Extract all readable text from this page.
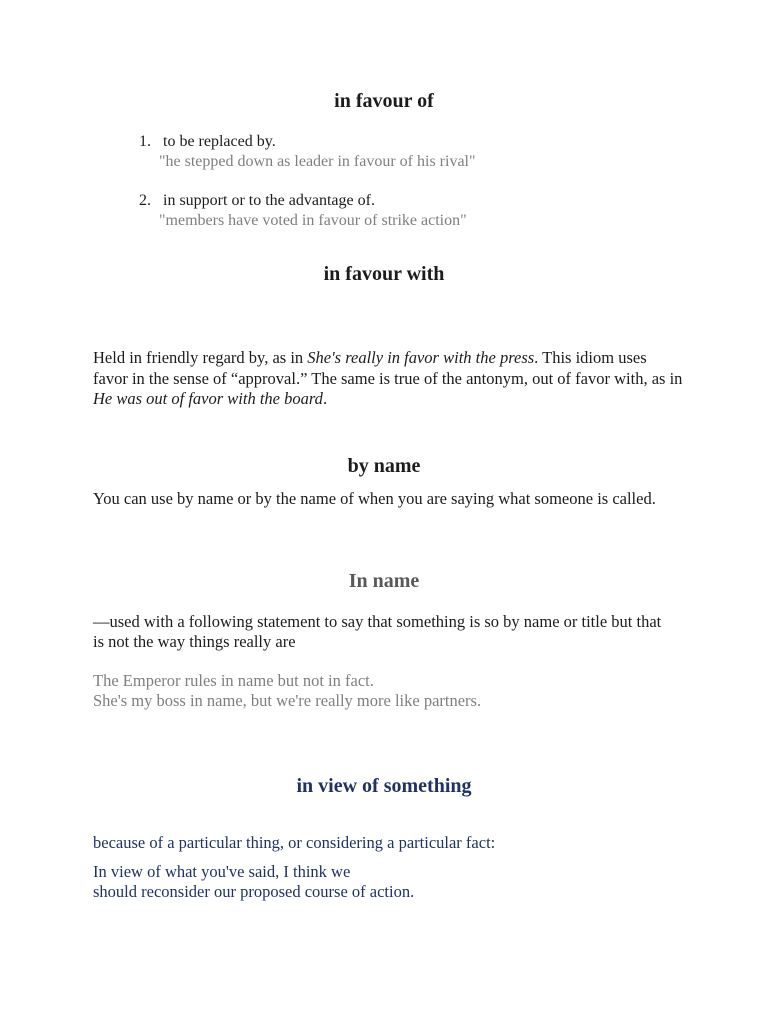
in favour of
1. to be replaced by.
"he stepped down as leader in favour of his rival"
2. in support or to the advantage of.
"members have voted in favour of strike action"
in favour with

Held in friendly regard by, as in She's really in favor with the press. This idiom uses favor in the sense of “approval.” The same is true of the antonym, out of favor with, as in He was out of favor with the board.

by name

You can use by name or by the name of when you are saying what someone is called.

In name

—used with a following statement to say that something is so by name or title but that is not the way things really are

The Emperor rules in name but not in fact.

She's my boss in name, but we're really more like partners.

in view of something

because of a particular thing, or considering a particular fact:

In view of what you've said, I think we

should reconsider our proposed course of action.
